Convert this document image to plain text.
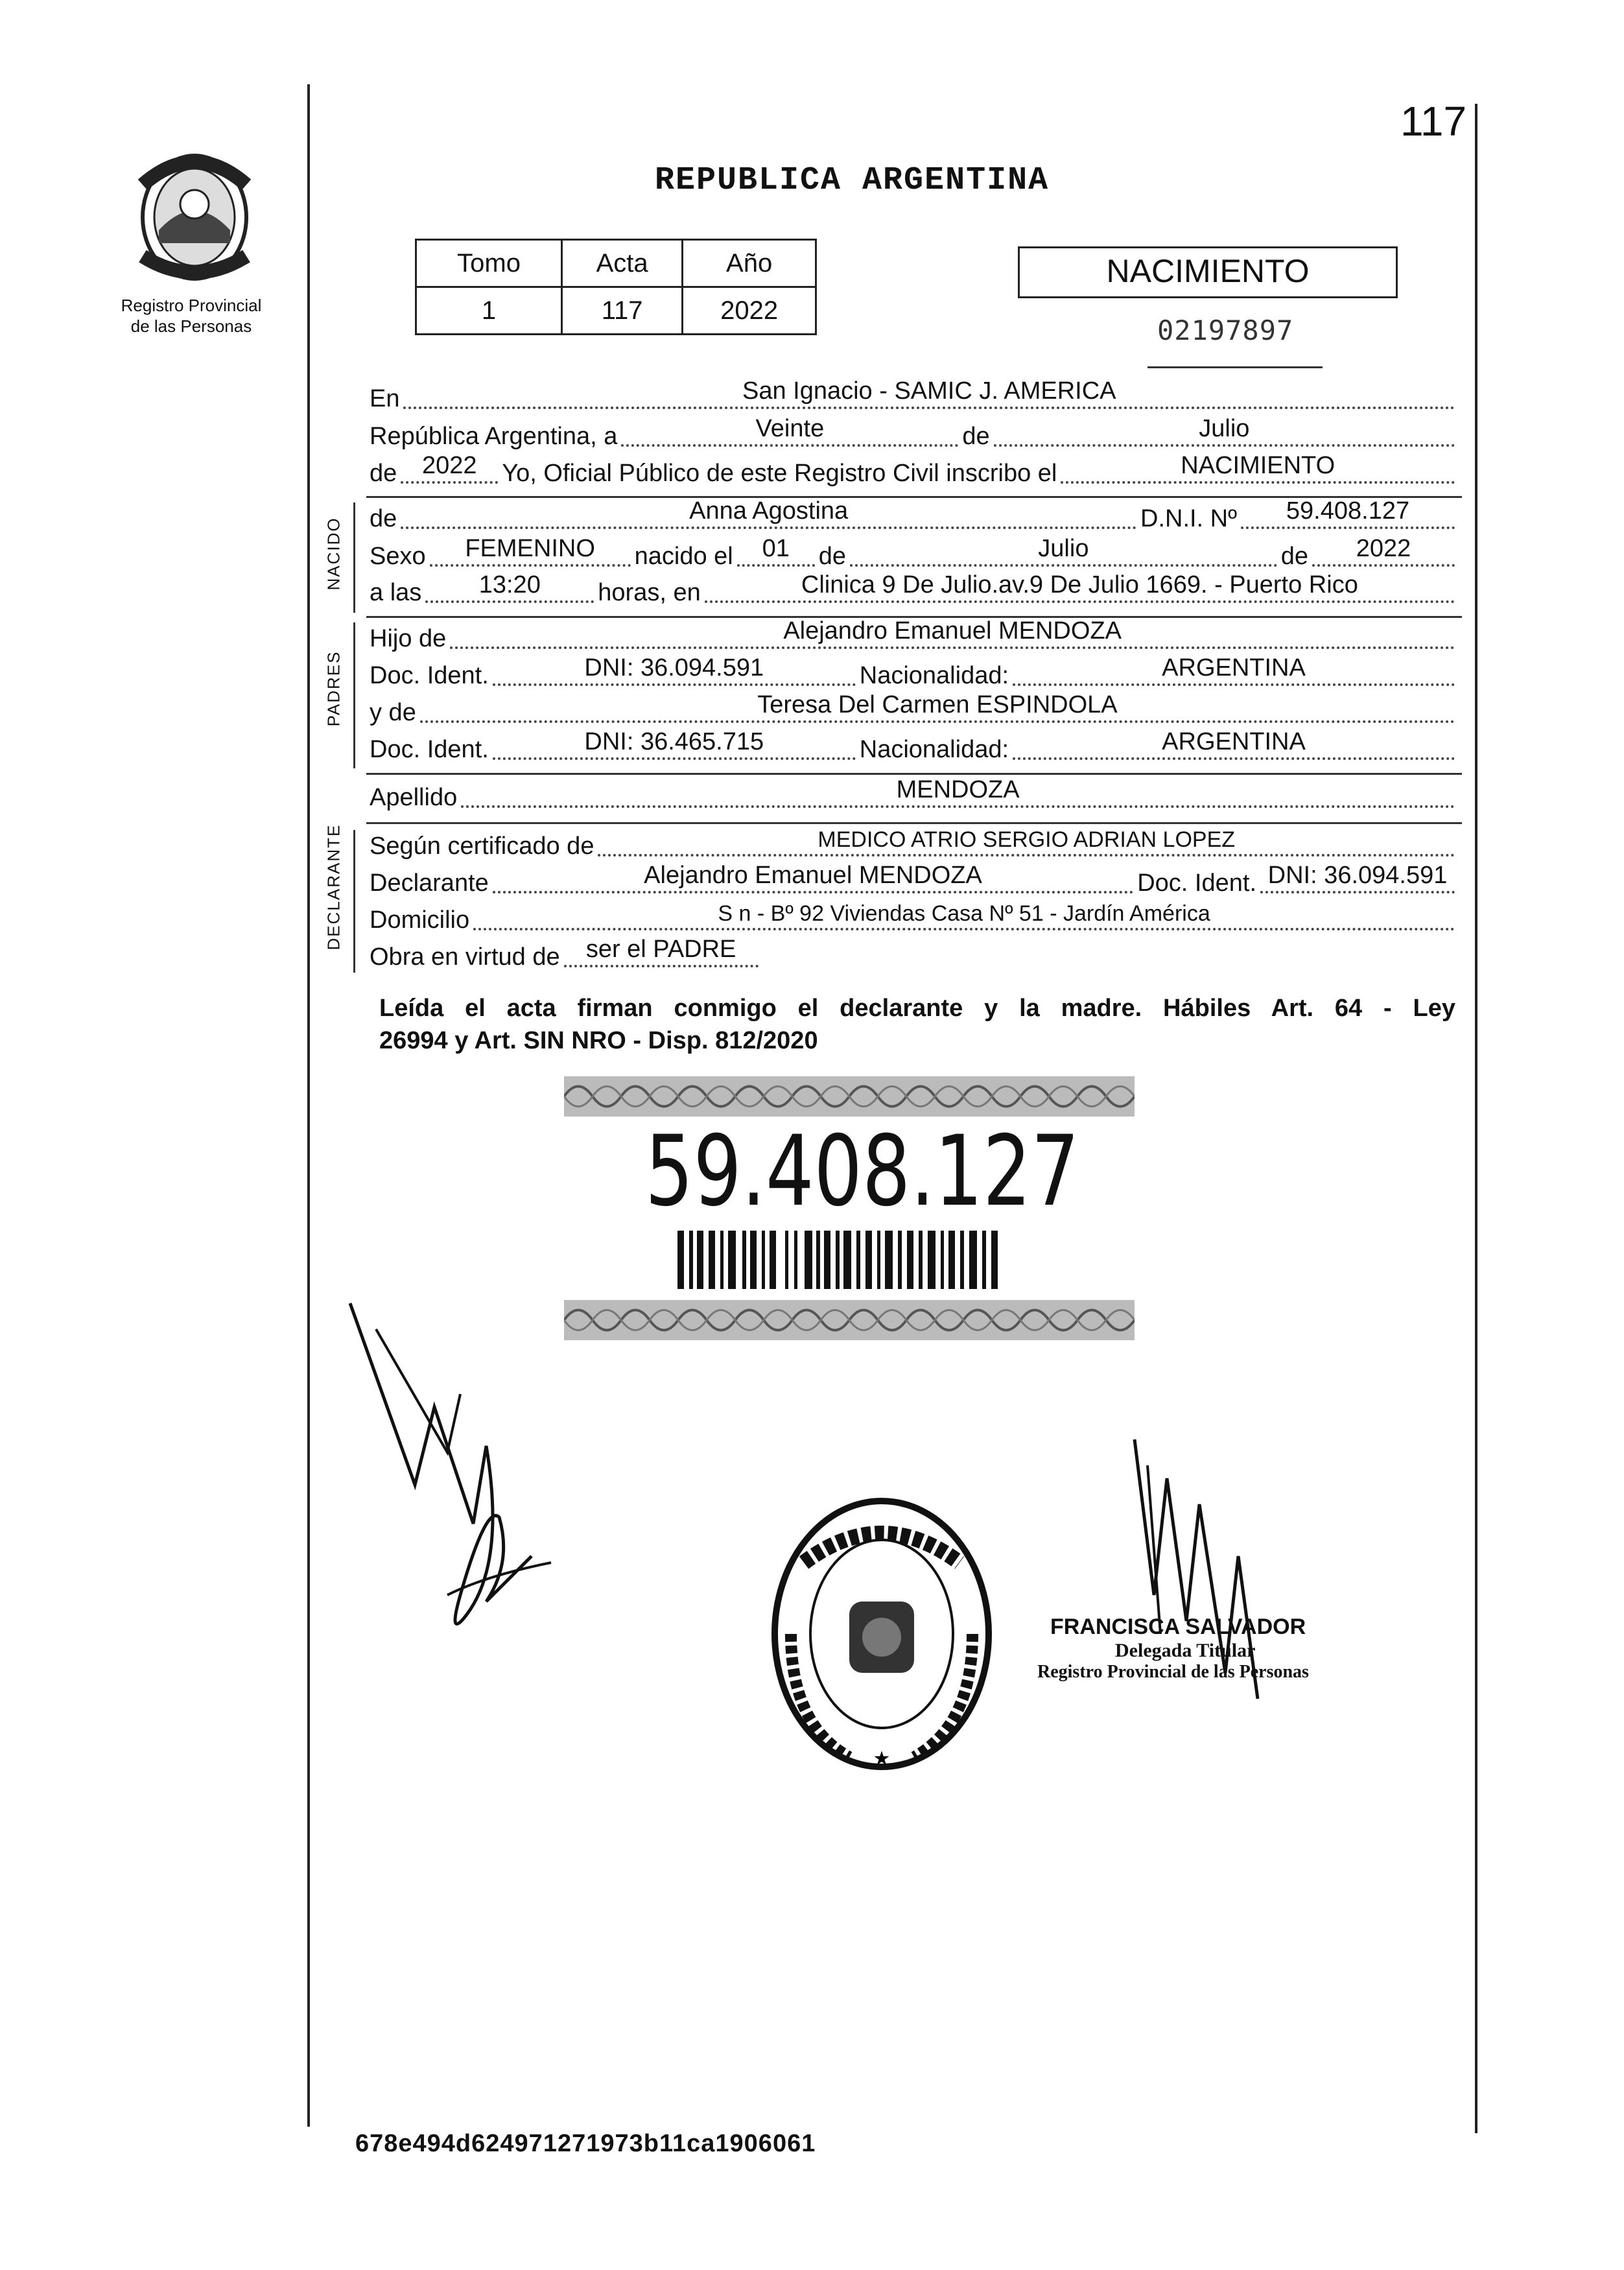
117
Registro Provincial
de las Personas
REPUBLICA ARGENTINA
Tomo	Acta	Año
1	117	2022
NACIMIENTO
02197897
En	San Ignacio - SAMIC J. AMERICA
República Argentina, a	Veinte	de	Julio
de	2022	Yo, Oficial Público de este Registro Civil inscribo el	NACIMIENTO
NACIDO de	Anna Agostina	D.N.I. Nº	59.408.127
Sexo	FEMENINO	nacido el	01	de	Julio	de	2022
a las	13:20	horas, en	Clinica 9 De Julio.av.9 De Julio 1669. - Puerto Rico
PADRES
Hijo de	Alejandro Emanuel MENDOZA
Doc. Ident.	DNI: 36.094.591	Nacionalidad:	ARGENTINA
y de	Teresa Del Carmen ESPINDOLA
Doc. Ident.	DNI: 36.465.715	Nacionalidad:	ARGENTINA
Apellido	MENDOZA
DECLARANTE Según certificado de	MEDICO ATRIO SERGIO ADRIAN LOPEZ
Declarante	Alejandro Emanuel MENDOZA	Doc. Ident. DNI: 36.094.591
Domicilio	S n - Bº 92 Viviendas Casa Nº 51 - Jardín América
Obra en virtud de	ser el PADRE
Leída el acta firman conmigo el declarante y la madre. Hábiles Art. 64 - Ley
26994 y Art. SIN NRO - Disp. 812/2020
59.408.127
★
FRANCISCA SALVADOR
Delegada Titular
Registro Provincial de las Personas
678e494d624971271973b11ca1906061
